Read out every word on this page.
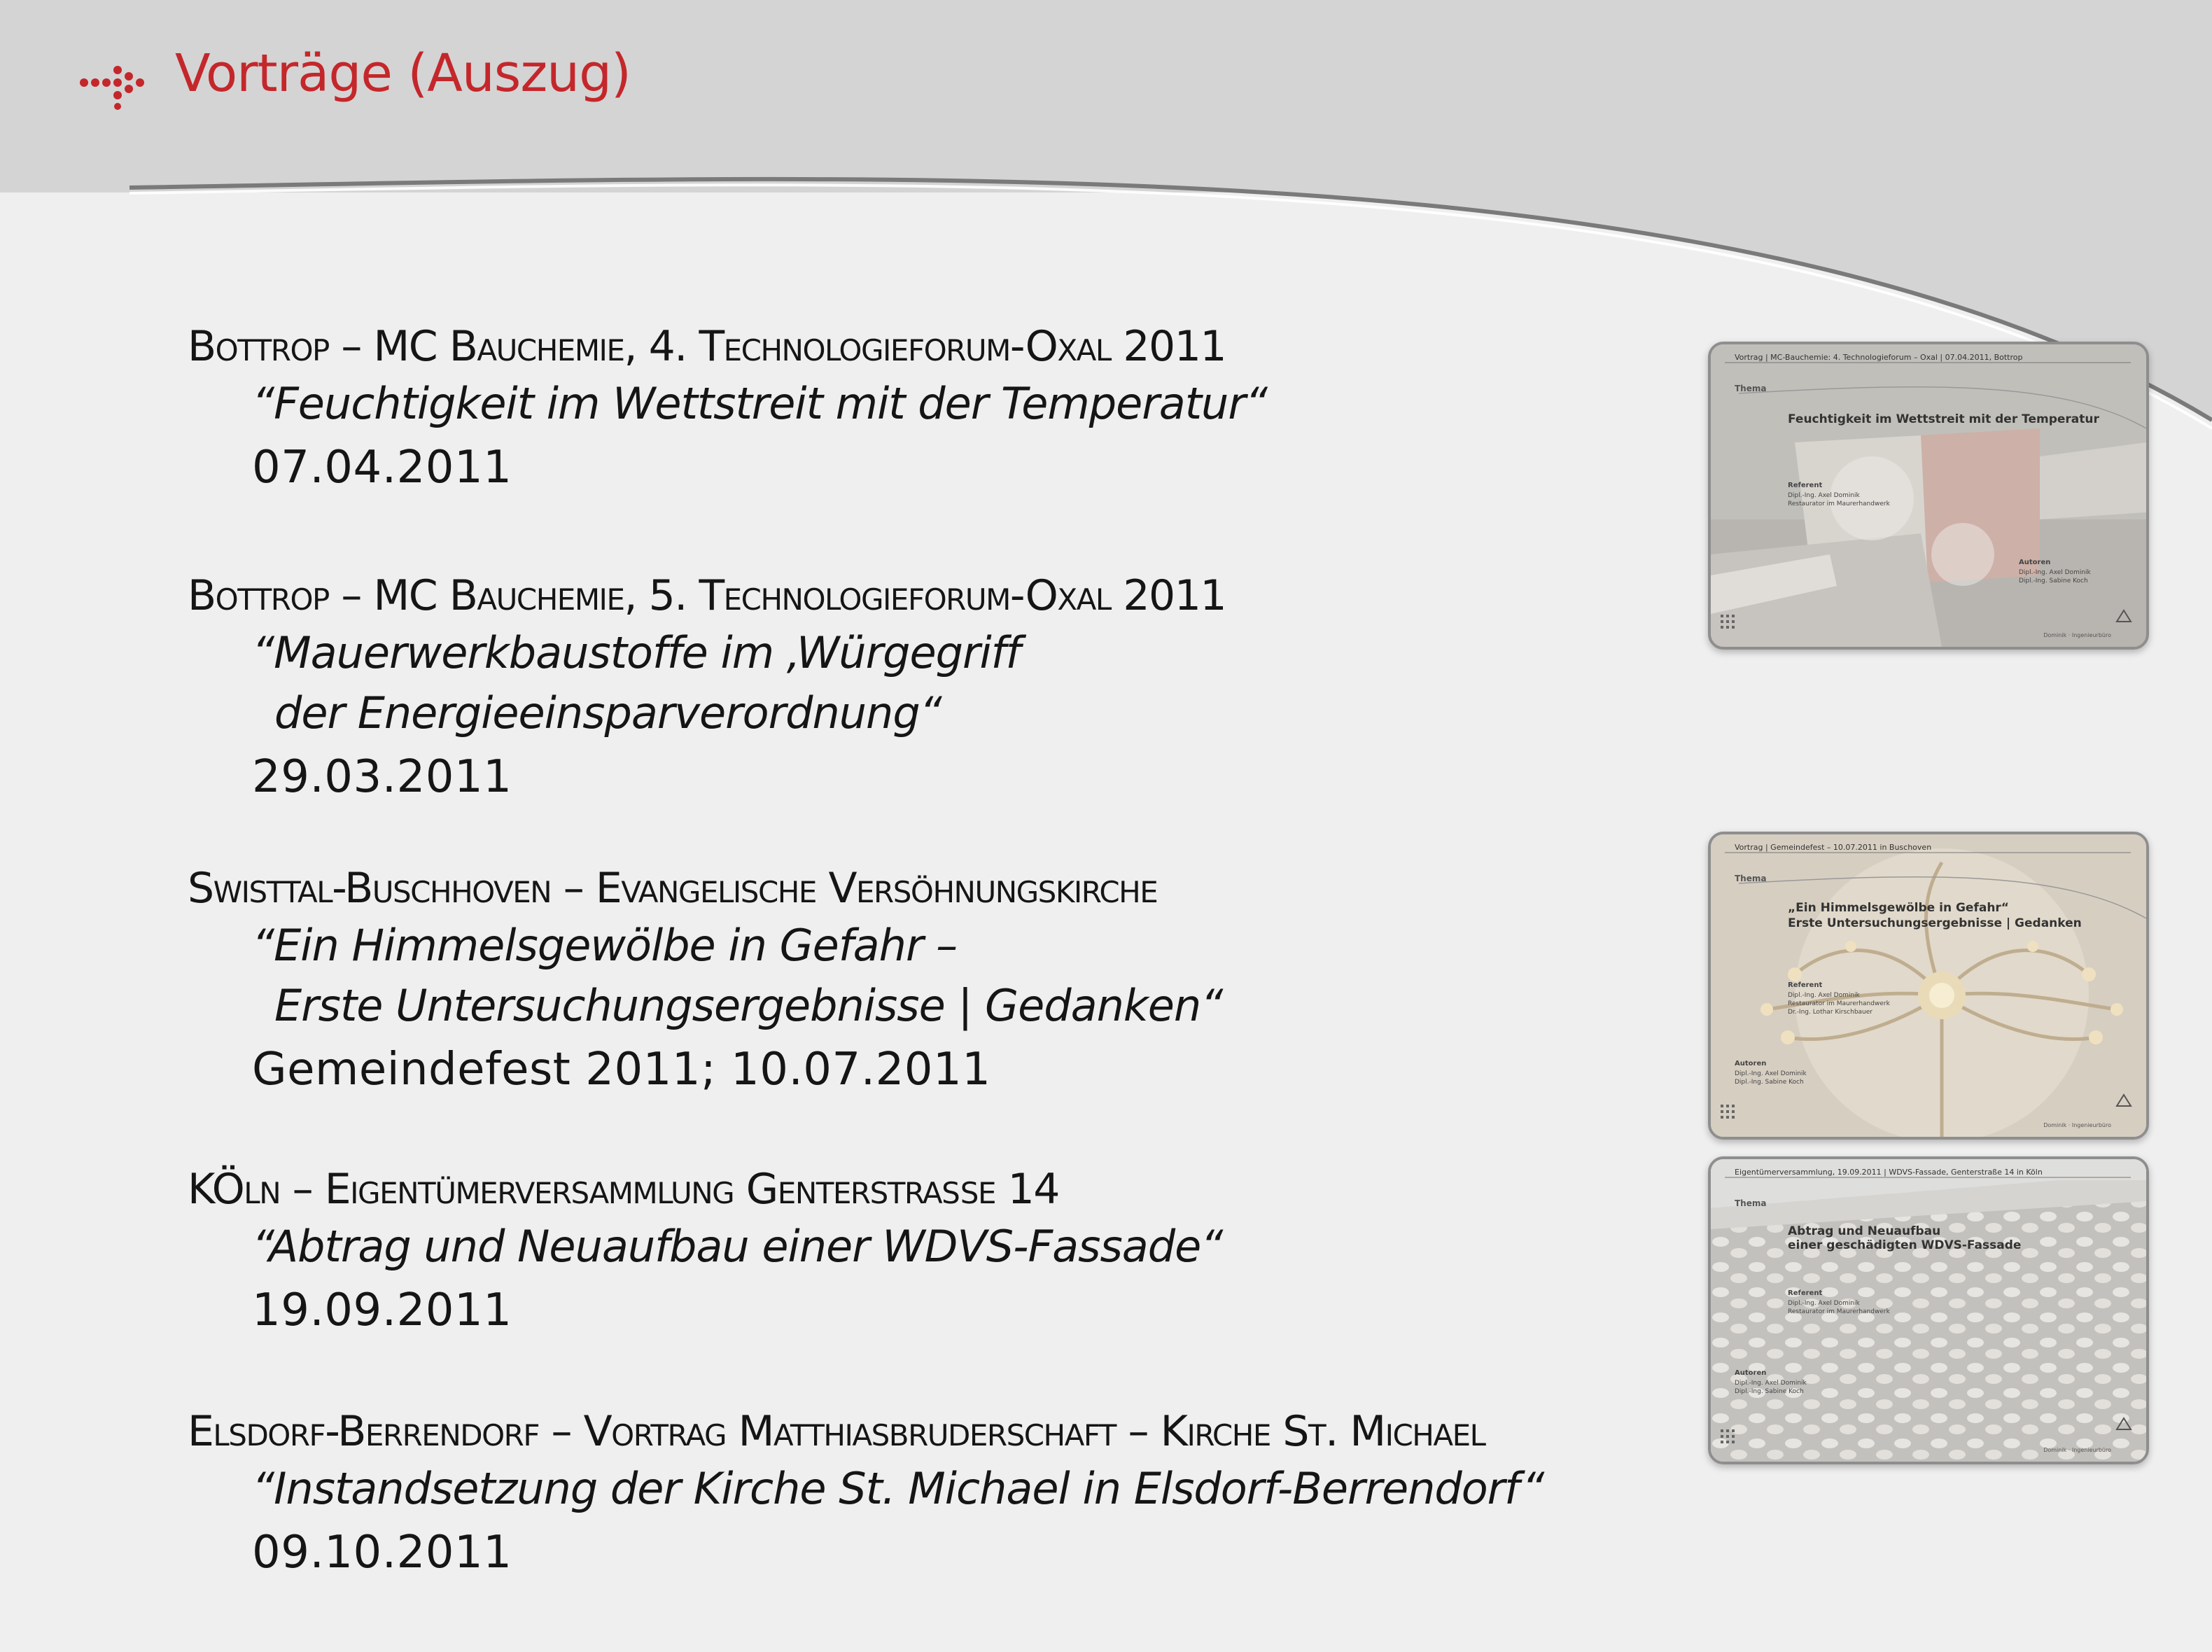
Vorträge (Auszug)
Bottrop – MC Bauchemie, 4. Technologieforum-Oxal 2011
“Feuchtigkeit im Wettstreit mit der Temperatur“
07.04.2011
Bottrop – MC Bauchemie, 5. Technologieforum-Oxal 2011
“Mauerwerkbaustoffe im ‚Würgegriff
der Energieeinsparverordnung“
29.03.2011
Swisttal-Buschhoven – Evangelische Versöhnungskirche
“Ein Himmelsgewölbe in Gefahr –
Erste Untersuchungsergebnisse | Gedanken“
Gemeindefest 2011; 10.07.2011
KÖln – Eigentümerversammlung Genterstraße 14
“Abtrag und Neuaufbau einer WDVS-Fassade“
19.09.2011
Elsdorf-Berrendorf – Vortrag Matthiasbruderschaft – Kirche St. Michael
“Instandsetzung der Kirche St. Michael in Elsdorf-Berrendorf“
09.10.2011
Vortrag | MC-Bauchemie: 4. Technologieforum – Oxal | 07.04.2011, Bottrop
Thema
Feuchtigkeit im Wettstreit mit der Temperatur
Referent
Dipl.-Ing. Axel Dominik
Restaurator im Maurerhandwerk
Autoren
Dipl.-Ing. Axel Dominik
Dipl.-Ing. Sabine Koch
Dominik · Ingenieurbüro
Vortrag | Gemeindefest – 10.07.2011 in Buschoven
Thema
„Ein Himmelsgewölbe in Gefahr“
Erste Untersuchungsergebnisse | Gedanken
Referent
Dipl.-Ing. Axel Dominik
Restaurator im Maurerhandwerk
Dr.-Ing. Lothar Kirschbauer
Autoren
Dipl.-Ing. Axel Dominik
Dipl.-Ing. Sabine Koch
Dominik · Ingenieurbüro
Eigentümerversammlung, 19.09.2011 | WDVS-Fassade, Genterstraße 14 in Köln
Thema
Abtrag und Neuaufbau
einer geschädigten WDVS-Fassade
Referent
Dipl.-Ing. Axel Dominik
Restaurator im Maurerhandwerk
Autoren
Dipl.-Ing. Axel Dominik
Dipl.-Ing. Sabine Koch
Dominik · Ingenieurbüro
